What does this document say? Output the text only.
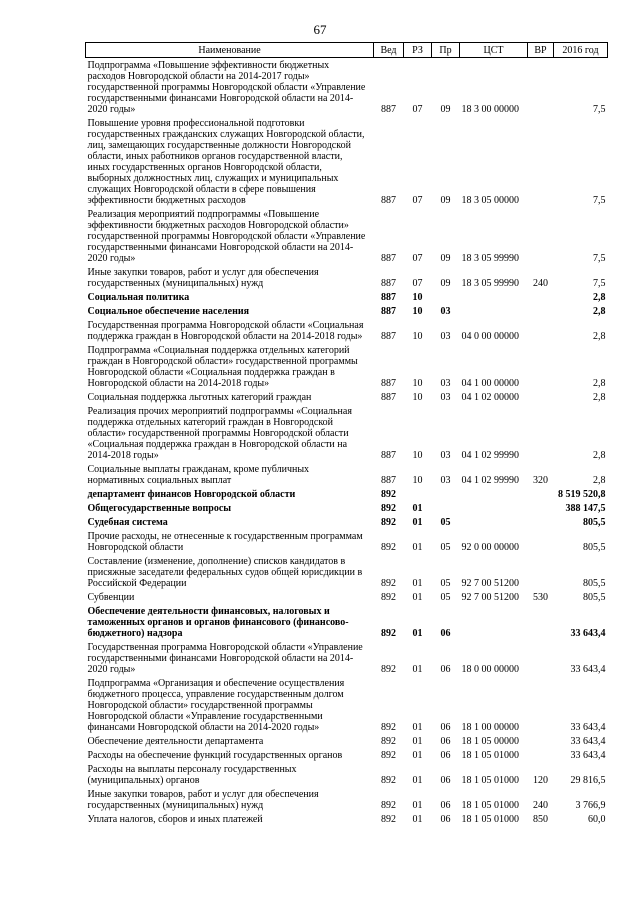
67
Наименование	Вед	РЗ	Пр	ЦСТ	ВР	2016 год
Подпрограмма «Повышение эффективности бюджетных расходов Новгородской области на 2014-2017 годы» государственной программы Новгородской области «Управление государственными финансами Новгородской области на 2014-2020 годы»	887	07	09	18 3 00 00000		7,5
Повышение уровня профессиональной подготовки государственных гражданских служащих Новгородской области, лиц, замещающих государственные должности Новгородской области, иных работников органов государственной власти, иных государственных органов Новгородской области, выборных должностных лиц, служащих и муниципальных служащих Новгородской области в сфере повышения эффективности бюджетных расходов	887	07	09	18 3 05 00000		7,5
Реализация мероприятий подпрограммы «Повышение эффективности бюджетных расходов Новгородской области» государственной программы Новгородской области «Управление государственными финансами Новгородской области на 2014-2020 годы»	887	07	09	18 3 05 99990		7,5
Иные закупки товаров, работ и услуг для обеспечения государственных (муниципальных) нужд	887	07	09	18 3 05 99990	240	7,5
Социальная политика	887	10				2,8
Социальное обеспечение населения	887	10	03			2,8
Государственная программа Новгородской области «Социальная поддержка граждан в Новгородской области на 2014-2018 годы»	887	10	03	04 0 00 00000		2,8
Подпрограмма «Социальная поддержка отдельных категорий граждан в Новгородской области» государственной программы Новгородской области «Социальная поддержка граждан в Новгородской области на 2014-2018 годы»	887	10	03	04 1 00 00000		2,8
Социальная поддержка льготных категорий граждан	887	10	03	04 1 02 00000		2,8
Реализация прочих мероприятий подпрограммы «Социальная поддержка отдельных категорий граждан в Новгородской области» государственной программы Новгородской области «Социальная поддержка граждан в Новгородской области на 2014-2018 годы»	887	10	03	04 1 02 99990		2,8
Социальные выплаты гражданам, кроме публичных нормативных социальных выплат	887	10	03	04 1 02 99990	320	2,8
департамент финансов Новгородской области	892					8 519 520,8
Общегосударственные вопросы	892	01				388 147,5
Судебная система	892	01	05			805,5
Прочие расходы, не отнесенные к государственным программам Новгородской области	892	01	05	92 0 00 00000		805,5
Составление (изменение, дополнение) списков кандидатов в присяжные заседатели федеральных судов общей юрисдикции в Российской Федерации	892	01	05	92 7 00 51200		805,5
Субвенции	892	01	05	92 7 00 51200	530	805,5
Обеспечение деятельности финансовых, налоговых и таможенных органов и органов финансового (финансово-бюджетного) надзора	892	01	06			33 643,4
Государственная программа Новгородской области «Управление государственными финансами Новгородской области на 2014-2020 годы»	892	01	06	18 0 00 00000		33 643,4
Подпрограмма «Организация и обеспечение осуществления бюджетного процесса, управление государственным долгом Новгородской области» государственной программы Новгородской области «Управление государственными финансами Новгородской области на 2014-2020 годы»	892	01	06	18 1 00 00000		33 643,4
Обеспечение деятельности департамента	892	01	06	18 1 05 00000		33 643,4
Расходы на обеспечение функций государственных органов	892	01	06	18 1 05 01000		33 643,4
Расходы на выплаты персоналу государственных (муниципальных) органов	892	01	06	18 1 05 01000	120	29 816,5
Иные закупки товаров, работ и услуг для обеспечения государственных (муниципальных) нужд	892	01	06	18 1 05 01000	240	3 766,9
Уплата налогов, сборов и иных платежей	892	01	06	18 1 05 01000	850	60,0
